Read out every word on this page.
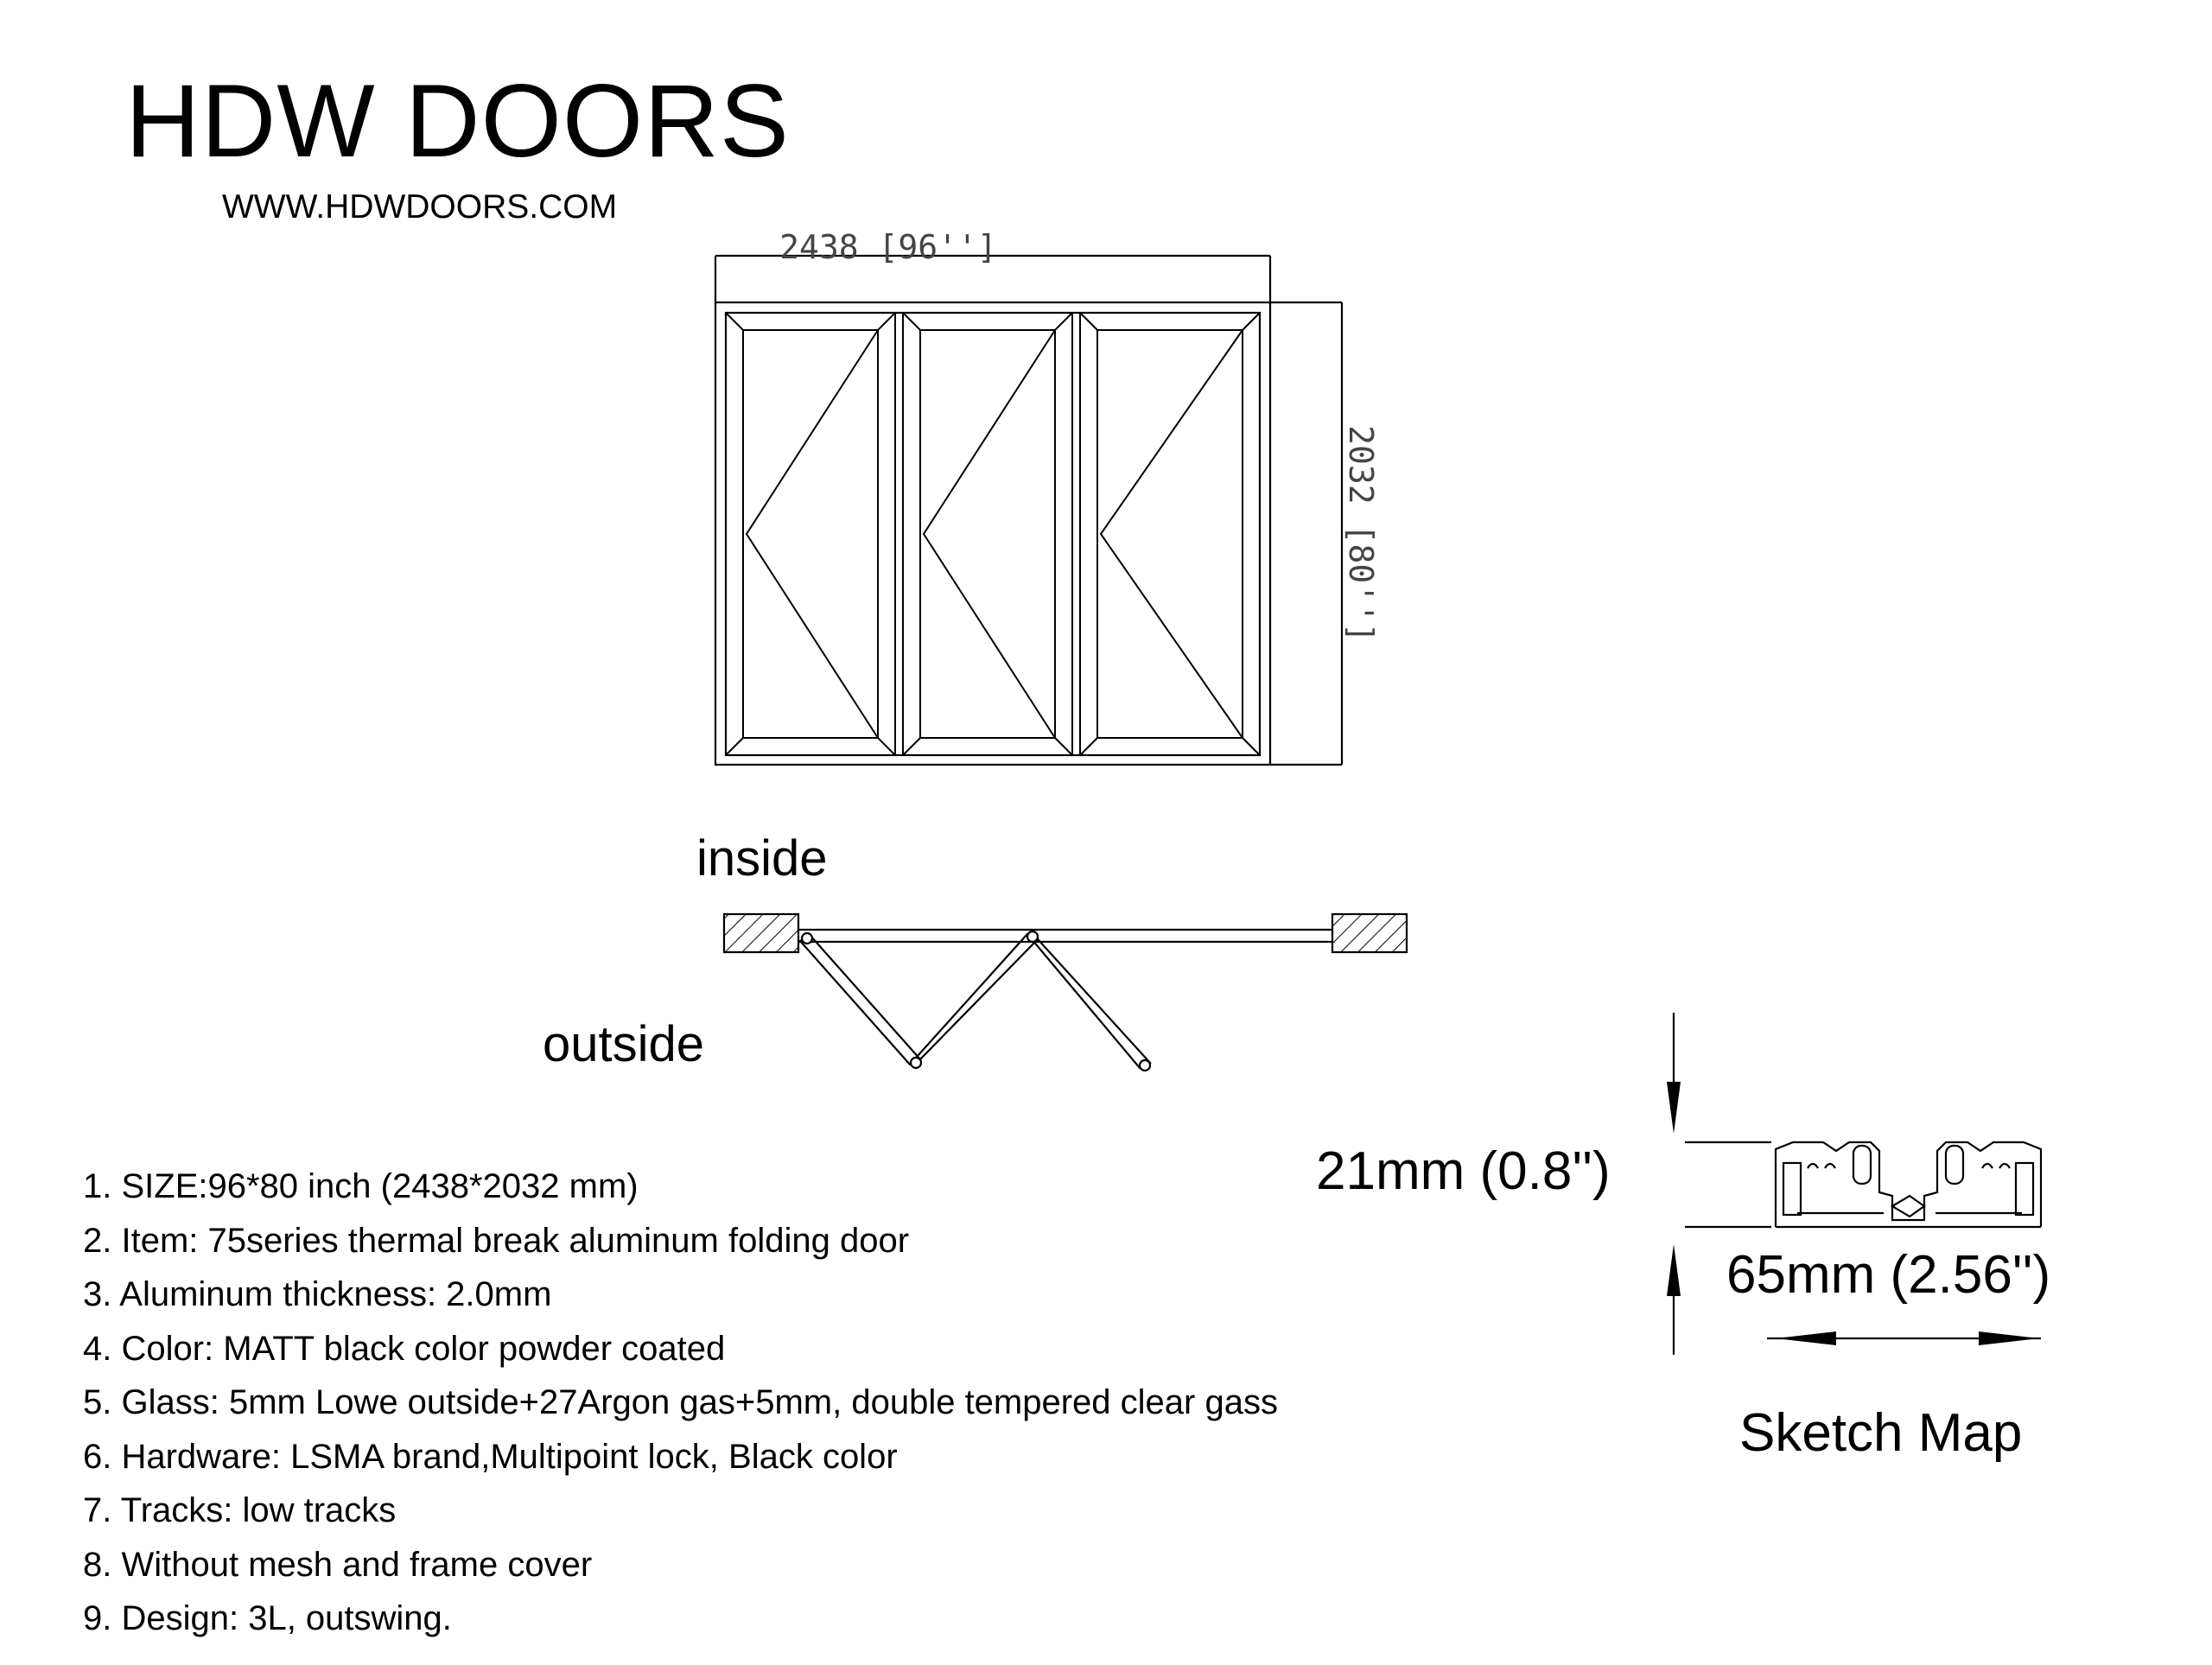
HDW DOORS
WWW.HDWDOORS.COM
2438 [96'']
2032 [80'']
inside
outside
21mm (0.8'')
65mm (2.56'')
Sketch Map
1. SIZE:96*80 inch (2438*2032 mm)
2. Item: 75series thermal break aluminum folding door
3. Aluminum thickness: 2.0mm
4. Color: MATT black color powder coated
5. Glass: 5mm Lowe outside+27Argon gas+5mm, double tempered clear gass
6. Hardware: LSMA brand,Multipoint lock, Black color
7. Tracks: low tracks
8. Without mesh and frame cover
9. Design: 3L, outswing.
